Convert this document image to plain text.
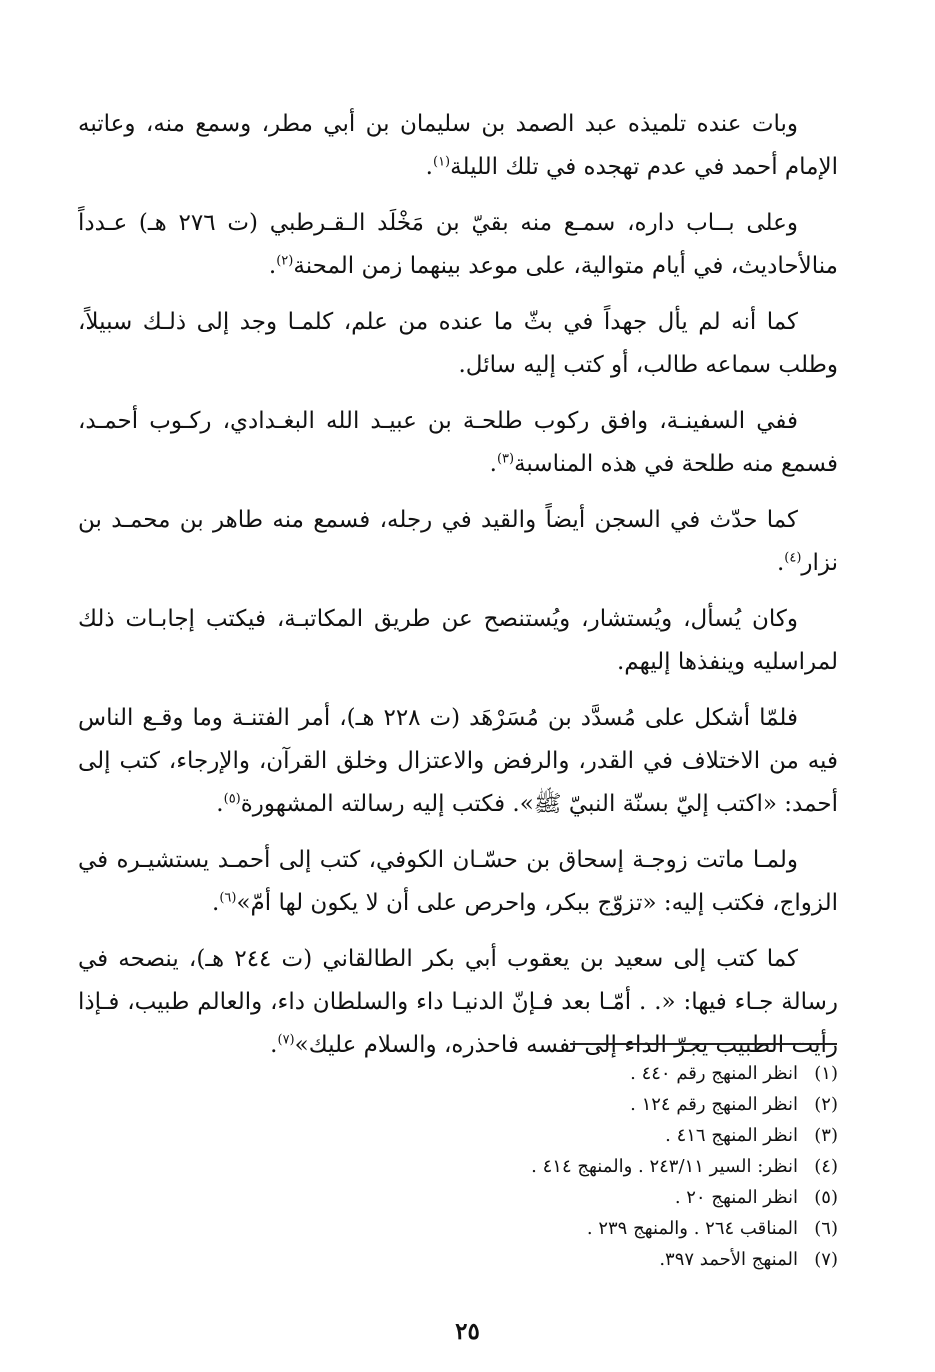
وبات عنده تلميذه عبد الصمد بن سليمان بن أبي مطر، وسمع منه، وعاتبه الإمام أحمد في عدم تهجده في تلك الليلة$^{(١)}$.

وعلى بــاب داره، سمـع منه بقيّ بن مَخْلَد الـقـرطبي (ت ٢٧٦ هـ) عـدداً منالأحاديث، في أيام متوالية، على موعد بينهما زمن المحنة$^{(٢)}$.

كما أنه لم يأل جهداً في بثّ ما عنده من علم، كلمـا وجد إلى ذلـك سبيلاً، وطلب سماعه طالب، أو كتب إليه سائل.

ففي السفينـة، وافق ركوب طلحـة بن عبيـد الله البغـدادي، ركـوب أحمـد، فسمع منه طلحة في هذه المناسبة$^{(٣)}$.

كما حدّث في السجن أيضاً والقيد في رجله، فسمع منه طاهر بن محمـد بن نزار$^{(٤)}$.

وكان يُسأل، ويُستشار، ويُستنصح عن طريق المكاتبـة، فيكتب إجابـات ذلك لمراسليه وينفذها إليهم.

فلمّا أشكل على مُسدَّد بن مُسَرْهَد (ت ٢٢٨ هـ)، أمر الفتنـة وما وقـع الناس فيه من الاختلاف في القدر، والرفض والاعتزال وخلق القرآن، والإرجاء، كتب إلى أحمد: «اكتب إليّ بسنّة النبيّ ﷺ». فكتب إليه رسالته المشهورة$^{(٥)}$.

ولمـا ماتت زوجـة إسحاق بن حسّـان الكوفي، كتب إلى أحمـد يستشيـره في الزواج، فكتب إليه: «تزوّج ببكر، واحرص على أن لا يكون لها أمّ»$^{(٦)}$.

كما كتب إلى سعيد بن يعقوب أبي بكر الطالقاني (ت ٢٤٤ هـ)، ينصحه في رسالة جـاء فيها: «. . أمّـا بعد فـإنّ الدنيـا داء والسلطان داء، والعالم طبيب، فـإذا رأيت الطبيب يجرّ الداء إلى نفسه فاحذره، والسلام عليك»$^{(٧)}$.

(١)انظر المنهج رقم ٤٤٠ .
(٢)انظر المنهج رقم ١٢٤ .
(٣)انظر المنهج ٤١٦ .
(٤)انظر: السير ٢٤٣/١١ . والمنهج ٤١٤ .
(٥)انظر المنهج ٢٠ .
(٦)المناقب ٢٦٤ . والمنهج ٢٣٩ .
(٧)المنهج الأحمد ٣٩٧.
٢٥
